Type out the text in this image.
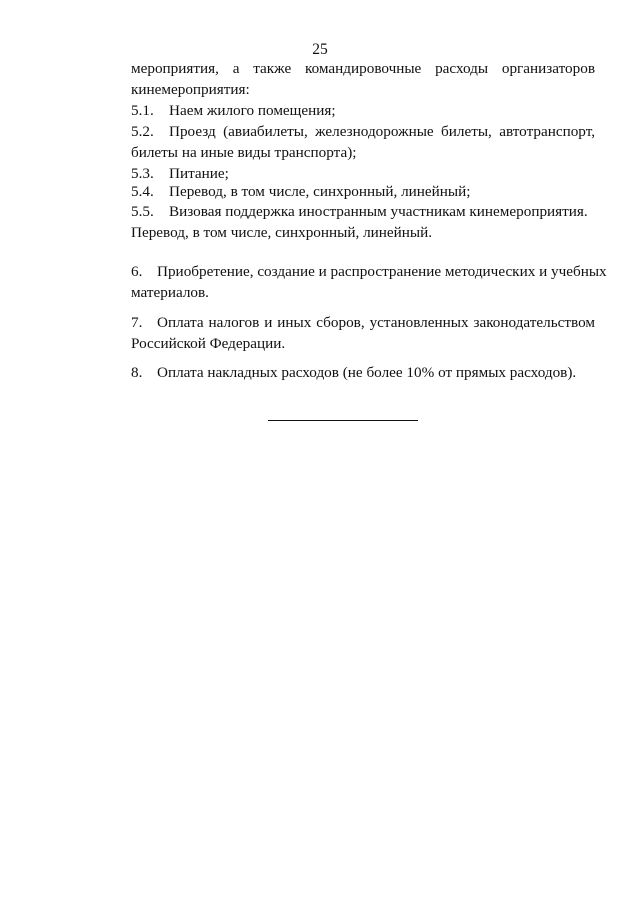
25
мероприятия, а также командировочные расходы организаторов
кинемероприятия:
5.1. Наем жилого помещения;
5.2. Проезд (авиабилеты, железнодорожные билеты, автотранспорт,
билеты на иные виды транспорта);
5.3. Питание;
5.4. Перевод, в том числе, синхронный, линейный;
5.5. Визовая поддержка иностранным участникам кинемероприятия.
Перевод, в том числе, синхронный, линейный.
6. Приобретение, создание и распространение методических и учебных
материалов.
7. Оплата налогов и иных сборов, установленных законодательством
Российской Федерации.
8. Оплата накладных расходов (не более 10% от прямых расходов).
